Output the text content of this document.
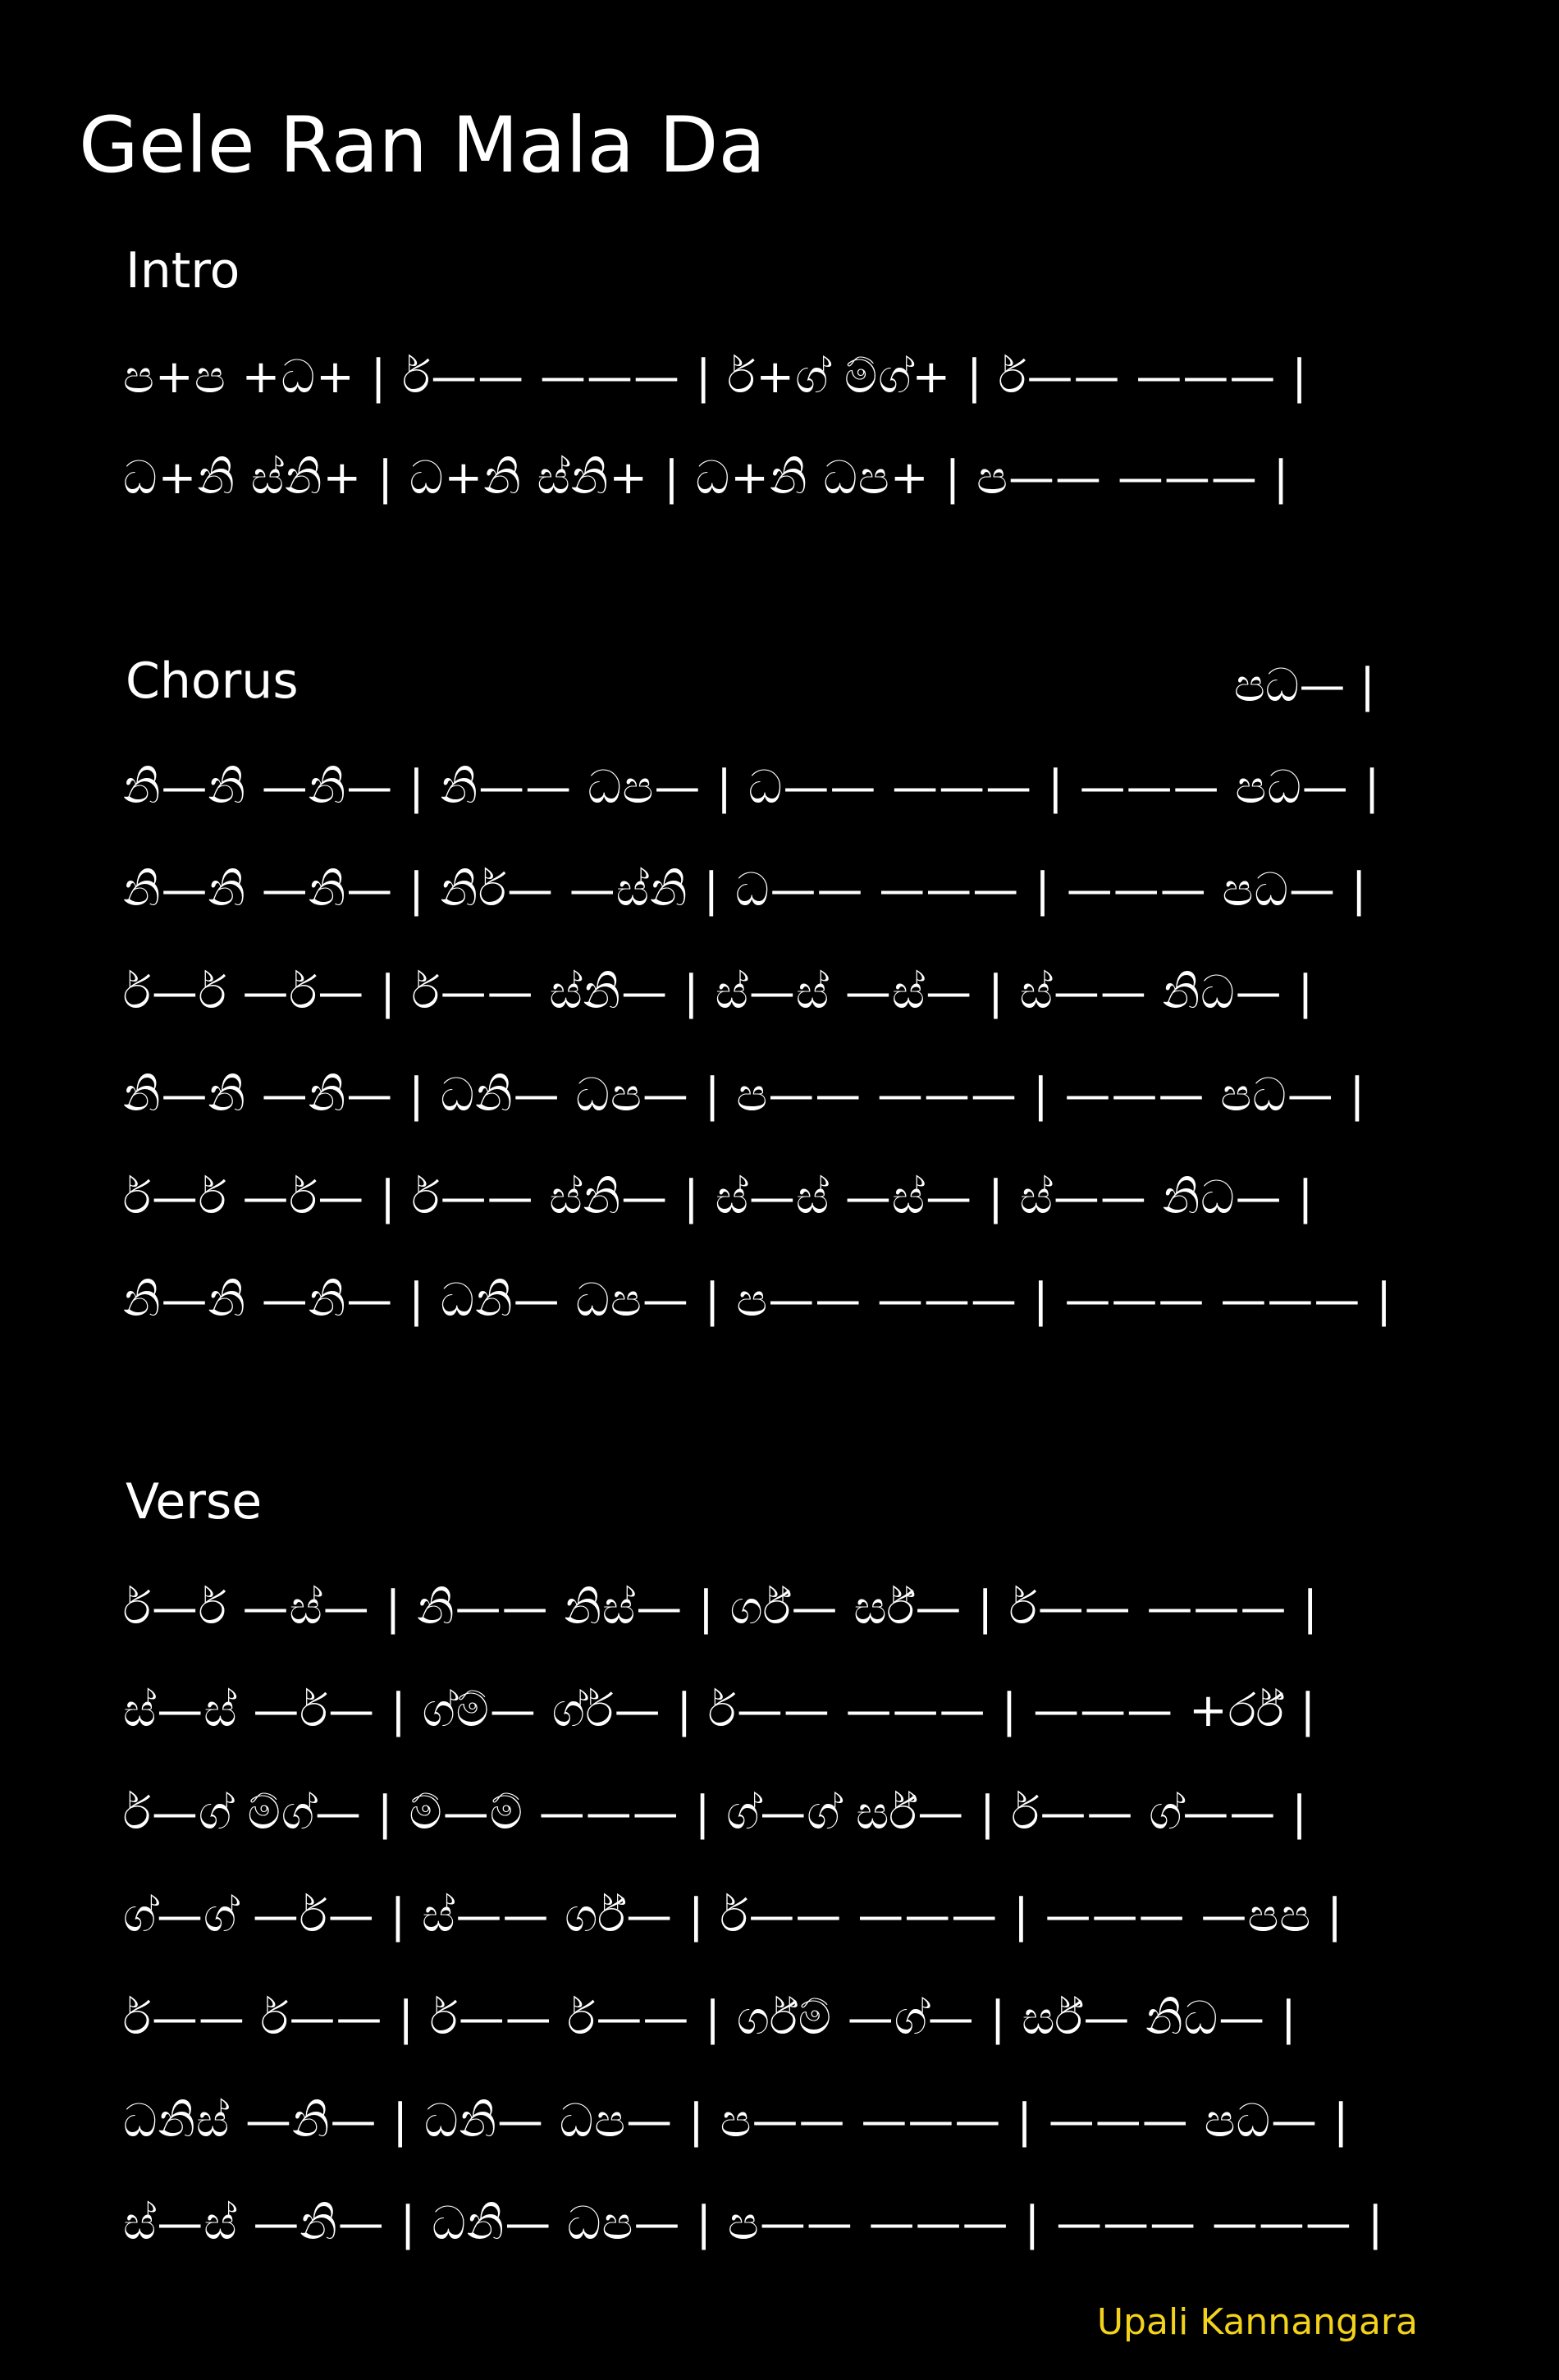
Gele Ran Mala Da
Intro
ප+ප +ධ+ | ර්—— ——— | ර්+ග් ම්ග්+ | ර්—— ——— |
ධ+නි ස්නි+ | ධ+නි ස්නි+ | ධ+නි ධප+ | ප—— ——— |
Chorus	පධ— |
නි—නි —නි— | නි—— ධප— | ධ—— ——— | ——— පධ— |
නි—නි —නි— | නිර්— —ස්නි | ධ—— ——— | ——— පධ— |
ර්—ර් —ර්— | ර්—— ස්නි— | ස්—ස් —ස්— | ස්—— නිධ— |
නි—නි —නි— | ධනි— ධප— | ප—— ——— | ——— පධ— |
ර්—ර් —ර්— | ර්—— ස්නි— | ස්—ස් —ස්— | ස්—— නිධ— |
නි—නි —නි— | ධනි— ධප— | ප—— ——— | ——— ——— |
Verse
ර්—ර් —ස්— | නි—— නිස්— | ර්ග්— ර්ස්— | ර්—— ——— |
ස්—ස් —ර්— | ග්ම්— ග්ර්— | ර්—— ——— | ——— +ර්ර් |
ර්—ග් ම්ග්— | ම්—ම් ——— | ග්—ග් ර්ස්— | ර්—— ග්—— |
ග්—ග් —ර්— | ස්—— ර්ග්— | ර්—— ——— | ——— —පප |
ර්—— ර්—— | ර්—— ර්—— | ර්ග්ම් —ග්— | ර්ස්— නිධ— |
ධනිස් —නි— | ධනි— ධප— | ප—— ——— | ——— පධ— |
ස්—ස් —නි— | ධනි— ධප— | ප—— ——— | ——— ——— |
Upali Kannangara
